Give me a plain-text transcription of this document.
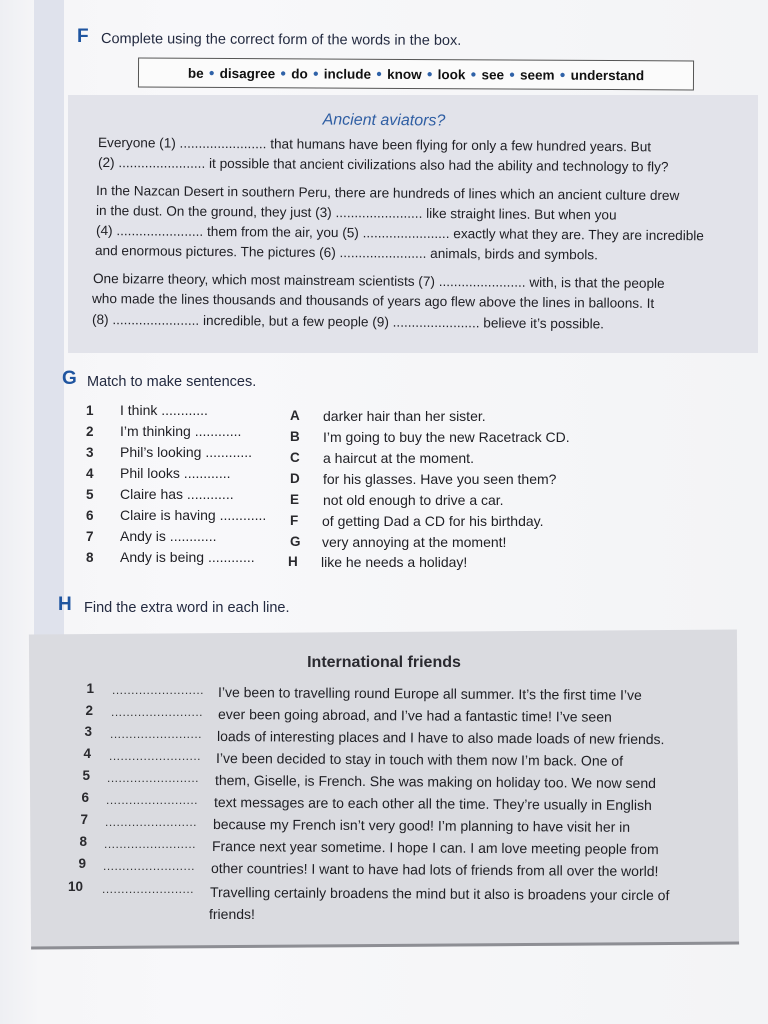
F Complete using the correct form of the words in the box.
be ● disagree ● do ● include ● know ● look ● see ● seem ● understand
Ancient aviators?
Everyone (1) ....................... that humans have been flying for only a few hundred years. But
(2) ....................... it possible that ancient civilizations also had the ability and technology to fly?
In the Nazcan Desert in southern Peru, there are hundreds of lines which an ancient culture drew
in the dust. On the ground, they just (3) ....................... like straight lines. But when you
(4) ....................... them from the air, you (5) ....................... exactly what they are. They are incredible
and enormous pictures. The pictures (6) ....................... animals, birds and symbols.
One bizarre theory, which most mainstream scientists (7) ....................... with, is that the people
who made the lines thousands and thousands of years ago flew above the lines in balloons. It
(8) ....................... incredible, but a few people (9) ....................... believe it’s possible.
G Match to make sentences.
1 I think ............
2 I’m thinking ............
3 Phil’s looking ............
4 Phil looks ............
5 Claire has ............
6 Claire is having ............
7 Andy is ............
8 Andy is being ............
A darker hair than her sister.
B I’m going to buy the new Racetrack CD.
C a haircut at the moment.
D for his glasses. Have you seen them?
E not old enough to drive a car.
F of getting Dad a CD for his birthday.
G very annoying at the moment!
H like he needs a holiday!
H Find the extra word in each line.
International friends
1 ........................ I’ve been to travelling round Europe all summer. It’s the first time I’ve
2 ........................ ever been going abroad, and I’ve had a fantastic time! I’ve seen
3 ........................ loads of interesting places and I have to also made loads of new friends.
4 ........................ I’ve been decided to stay in touch with them now I’m back. One of
5 ........................ them, Giselle, is French. She was making on holiday too. We now send
6 ........................ text messages are to each other all the time. They’re usually in English
7 ........................ because my French isn’t very good! I’m planning to have visit her in
8 ........................ France next year sometime. I hope I can. I am love meeting people from
9 ........................ other countries! I want to have had lots of friends from all over the world!
10 ........................ Travelling certainly broadens the mind but it also is broadens your circle of
friends!
